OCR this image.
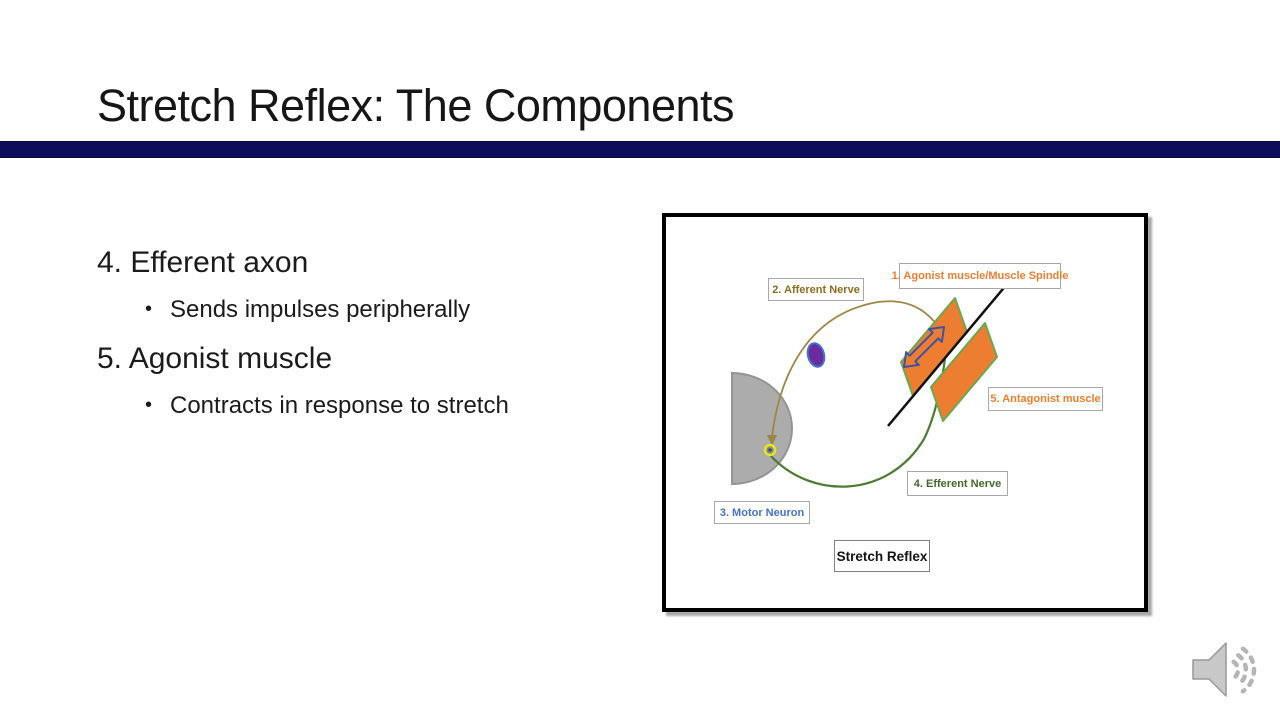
Stretch Reflex: The Components
4. Efferent axon
• Sends impulses peripherally
5. Agonist muscle
• Contracts in response to stretch
1. Agonist muscle/Muscle Spindle
2. Afferent Nerve
3. Motor Neuron
4. Efferent Nerve
5. Antagonist muscle
Stretch Reflex
